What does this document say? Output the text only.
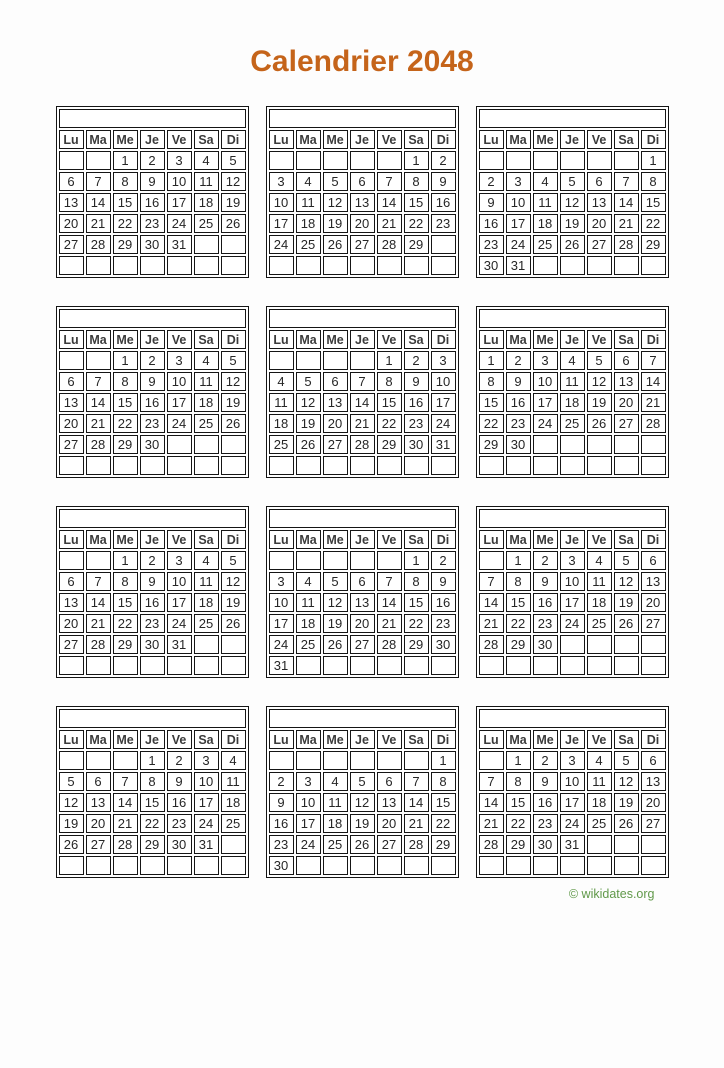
Calendrier 2048
janvier 2048						
Lu	Ma	Me	Je	Ve	Sa	Di
		1	2	3	4	5
6	7	8	9	10	11	12
13	14	15	16	17	18	19
20	21	22	23	24	25	26
27	28	29	30	31		

février 2048						
Lu	Ma	Me	Je	Ve	Sa	Di
					1	2
3	4	5	6	7	8	9
10	11	12	13	14	15	16
17	18	19	20	21	22	23
24	25	26	27	28	29	

mars 2048						
Lu	Ma	Me	Je	Ve	Sa	Di
						1
2	3	4	5	6	7	8
9	10	11	12	13	14	15
16	17	18	19	20	21	22
23	24	25	26	27	28	29
30	31					
avril 2048						
Lu	Ma	Me	Je	Ve	Sa	Di
		1	2	3	4	5
6	7	8	9	10	11	12
13	14	15	16	17	18	19
20	21	22	23	24	25	26
27	28	29	30			

mai 2048						
Lu	Ma	Me	Je	Ve	Sa	Di
				1	2	3
4	5	6	7	8	9	10
11	12	13	14	15	16	17
18	19	20	21	22	23	24
25	26	27	28	29	30	31

juin 2048						
Lu	Ma	Me	Je	Ve	Sa	Di
1	2	3	4	5	6	7
8	9	10	11	12	13	14
15	16	17	18	19	20	21
22	23	24	25	26	27	28
29	30					

juillet 2048						
Lu	Ma	Me	Je	Ve	Sa	Di
		1	2	3	4	5
6	7	8	9	10	11	12
13	14	15	16	17	18	19
20	21	22	23	24	25	26
27	28	29	30	31		

août 2048						
Lu	Ma	Me	Je	Ve	Sa	Di
					1	2
3	4	5	6	7	8	9
10	11	12	13	14	15	16
17	18	19	20	21	22	23
24	25	26	27	28	29	30
31						
septembre 2048						
Lu	Ma	Me	Je	Ve	Sa	Di
	1	2	3	4	5	6
7	8	9	10	11	12	13
14	15	16	17	18	19	20
21	22	23	24	25	26	27
28	29	30				

octobre 2048						
Lu	Ma	Me	Je	Ve	Sa	Di
			1	2	3	4
5	6	7	8	9	10	11
12	13	14	15	16	17	18
19	20	21	22	23	24	25
26	27	28	29	30	31	

novembre 2048						
Lu	Ma	Me	Je	Ve	Sa	Di
						1
2	3	4	5	6	7	8
9	10	11	12	13	14	15
16	17	18	19	20	21	22
23	24	25	26	27	28	29
30						
décembre 2048						
Lu	Ma	Me	Je	Ve	Sa	Di
	1	2	3	4	5	6
7	8	9	10	11	12	13
14	15	16	17	18	19	20
21	22	23	24	25	26	27
28	29	30	31			

© wikidates.org
